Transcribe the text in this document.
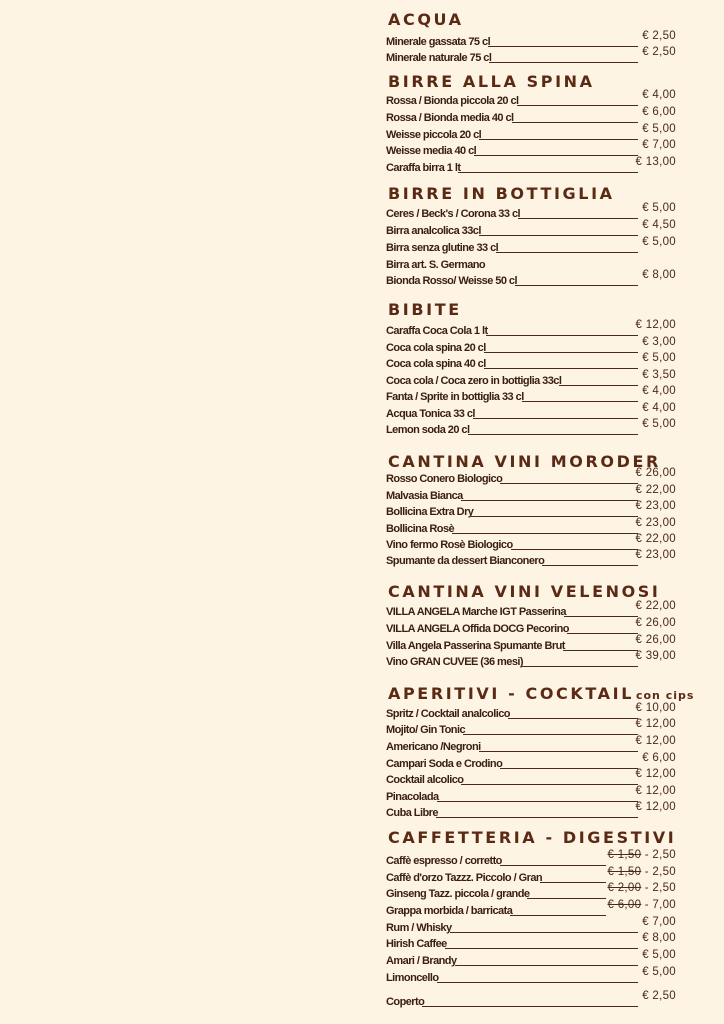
ACQUA
Minerale gassata 75 cl	€ 2,50
Minerale naturale 75 cl	€ 2,50
BIRRE ALLA SPINA
Rossa / Bionda piccola 20 cl	€ 4,00
Rossa / Bionda media 40 cl	€ 6,00
Weisse piccola 20 cl	€ 5,00
Weisse media 40 cl	€ 7,00
Caraffa birra 1 lt	€ 13,00
BIRRE IN BOTTIGLIA
Ceres / Beck's / Corona 33 cl	€ 5,00
Birra analcolica 33cl	€ 4,50
Birra senza glutine 33 cl	€ 5,00
Birra art. S. Germano
Bionda Rosso/ Weisse 50 cl	€ 8,00
BIBITE
Caraffa Coca Cola 1 lt	€ 12,00
Coca cola spina 20 cl	€ 3,00
Coca cola spina 40 cl	€ 5,00
Coca cola / Coca zero in bottiglia 33cl	€ 3,50
Fanta / Sprite in bottiglia 33 cl	€ 4,00
Acqua Tonica 33 cl	€ 4,00
Lemon soda 20 cl	€ 5,00
CANTINA VINI MORODER
Rosso Conero Biologico	€ 26,00
Malvasia Bianca	€ 22,00
Bollicina Extra Dry	€ 23,00
Bollicina Rosè	€ 23,00
Vino fermo Rosè Biologico	€ 22,00
Spumante da dessert Bianconero	€ 23,00
CANTINA VINI VELENOSI
VILLA ANGELA Marche IGT Passerina	€ 22,00
VILLA ANGELA Offida DOCG Pecorino	€ 26,00
Villa Angela Passerina Spumante Brut	€ 26,00
Vino GRAN CUVEE (36 mesi)	€ 39,00
APERITIVI - COCKTAIL con cips
Spritz / Cocktail analcolico	€ 10,00
Mojito/ Gin Tonic	€ 12,00
Americano /Negroni	€ 12,00
Campari Soda e Crodino	€ 6,00
Cocktail alcolico	€ 12,00
Pinacolada	€ 12,00
Cuba Libre	€ 12,00
CAFFETTERIA - DIGESTIVI
Caffè espresso / corretto	€ 1,50 - 2,50
Caffè d'orzo Tazzz. Piccolo / Gran	€ 1,50 - 2,50
Ginseng Tazz. piccola / grande	€ 2,00 - 2,50
Grappa morbida / barricata	€ 6,00 - 7,00
Rum / Whisky	€ 7,00
Hirish Caffee	€ 8,00
Amari / Brandy	€ 5,00
Limoncello	€ 5,00
Coperto	€ 2,50
